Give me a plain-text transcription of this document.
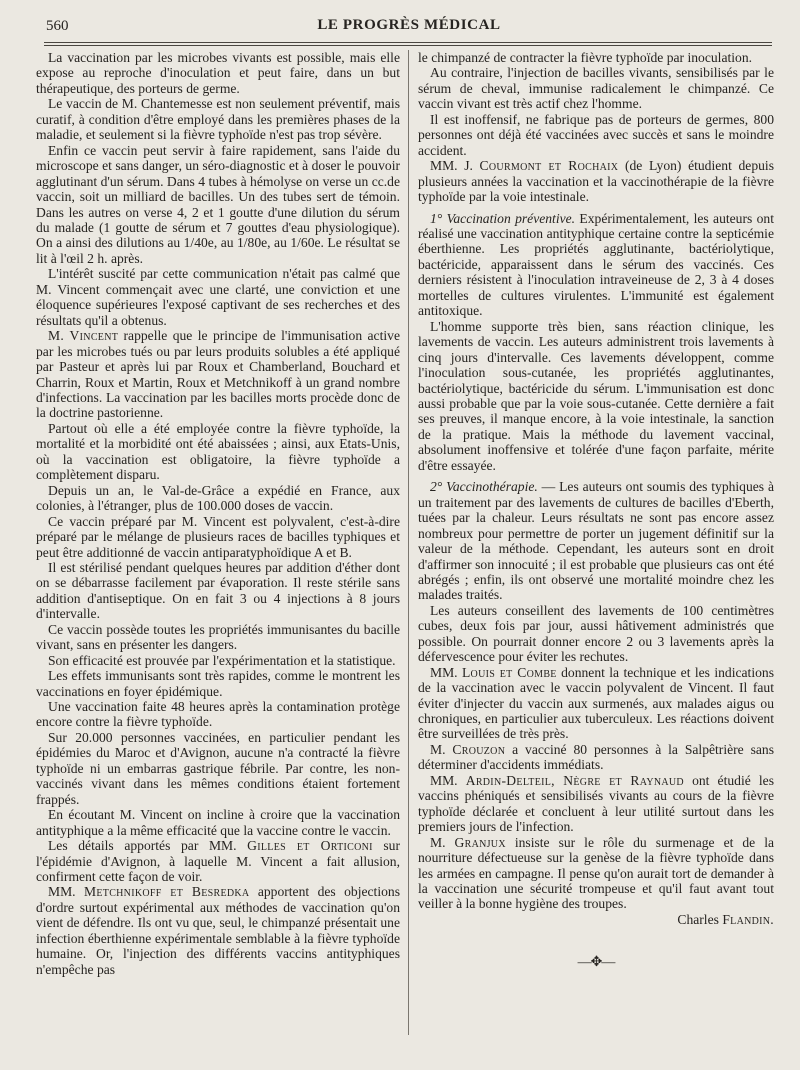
560	LE PROGRÈS MÉDICAL

La vaccination par les microbes vivants est possible, mais elle expose au reproche d'inoculation et peut faire, dans un but thérapeutique, des porteurs de germe.

Le vaccin de M. Chantemesse est non seulement préventif, mais curatif, à condition d'être employé dans les premières phases de la maladie, et seulement si la fièvre typhoïde n'est pas trop sévère.

Enfin ce vaccin peut servir à faire rapidement, sans l'aide du microscope et sans danger, un séro-diagnostic et à doser le pouvoir agglutinant d'un sérum. Dans 4 tubes à hémolyse on verse un cc.de vaccin, soit un milliard de bacilles. Un des tubes sert de témoin. Dans les autres on verse 4, 2 et 1 goutte d'une dilution du sérum du malade (1 goutte de sérum et 7 gouttes d'eau physiologique). On a ainsi des dilutions au 1/40e, au 1/80e, au 1/60e. Le résultat se lit à l'œil 2 h. après.

L'intérêt suscité par cette communication n'était pas calmé que M. Vincent commençait avec une clarté, une conviction et une éloquence supérieures l'exposé captivant de ses recherches et des résultats qu'il a obtenus.

M. Vincent rappelle que le principe de l'immunisation active par les microbes tués ou par leurs produits solubles a été appliqué par Pasteur et après lui par Roux et Chamberland, Bouchard et Charrin, Roux et Martin, Roux et Metchnikoff à un grand nombre d'infections. La vaccination par les bacilles morts procède donc de la doctrine pastorienne.

Partout où elle a été employée contre la fièvre typhoïde, la mortalité et la morbidité ont été abaissées ; ainsi, aux Etats-Unis, où la vaccination est obligatoire, la fièvre typhoïde a complètement disparu.

Depuis un an, le Val-de-Grâce a expédié en France, aux colonies, à l'étranger, plus de 100.000 doses de vaccin.

Ce vaccin préparé par M. Vincent est polyvalent, c'est-à-dire préparé par le mélange de plusieurs races de bacilles typhiques et peut être additionné de vaccin antiparatyphoïdique A et B.

Il est stérilisé pendant quelques heures par addition d'éther dont on se débarrasse facilement par évaporation. Il reste stérile sans addition d'antiseptique. On en fait 3 ou 4 injections à 8 jours d'intervalle.

Ce vaccin possède toutes les propriétés immunisantes du bacille vivant, sans en présenter les dangers.

Son efficacité est prouvée par l'expérimentation et la statistique.

Les effets immunisants sont très rapides, comme le montrent les vaccinations en foyer épidémique.

Une vaccination faite 48 heures après la contamination protège encore contre la fièvre typhoïde.

Sur 20.000 personnes vaccinées, en particulier pendant les épidémies du Maroc et d'Avignon, aucune n'a contracté la fièvre typhoïde ni un embarras gastrique fébrile. Par contre, les non-vaccinés vivant dans les mêmes conditions étaient fortement frappés.

En écoutant M. Vincent on incline à croire que la vaccination antityphique a la même efficacité que la vaccine contre le vaccin.

Les détails apportés par MM. Gilles et Orticoni sur l'épidémie d'Avignon, à laquelle M. Vincent a fait allusion, confirment cette façon de voir.

MM. Metchnikoff et Besredka apportent des objections d'ordre surtout expérimental aux méthodes de vaccination qu'on vient de défendre. Ils ont vu que, seul, le chimpanzé présentait une infection éberthienne expérimentale semblable à la fièvre typhoïde humaine. Or, l'injection des différents vaccins antityphiques n'empêche pas

le chimpanzé de contracter la fièvre typhoïde par inoculation.

Au contraire, l'injection de bacilles vivants, sensibilisés par le sérum de cheval, immunise radicalement le chimpanzé. Ce vaccin vivant est très actif chez l'homme.

Il est inoffensif, ne fabrique pas de porteurs de germes, 800 personnes ont déjà été vaccinées avec succès et sans le moindre accident.

MM. J. Courmont et Rochaix (de Lyon) étudient depuis plusieurs années la vaccination et la vaccinothérapie de la fièvre typhoïde par la voie intestinale.

1° Vaccination préventive. Expérimentalement, les auteurs ont réalisé une vaccination antityphique certaine contre la septicémie éberthienne. Les propriétés agglutinante, bactériolytique, bactéricide, apparaissent dans le sérum des vaccinés. Ces derniers résistent à l'inoculation intraveineuse de 2, 3 à 4 doses mortelles de cultures virulentes. L'immunité est également antitoxique.

L'homme supporte très bien, sans réaction clinique, les lavements de vaccin. Les auteurs administrent trois lavements à cinq jours d'intervalle. Ces lavements développent, comme l'inoculation sous-cutanée, les propriétés agglutinantes, bactériolytique, bactéricide du sérum. L'immunisation est donc aussi probable que par la voie sous-cutanée. Cette dernière a fait ses preuves, il manque encore, à la voie intestinale, la sanction de la pratique. Mais la méthode du lavement vaccinal, absolument inoffensive et tolérée d'une façon parfaite, mérite d'être essayée.

2° Vaccinothérapie. — Les auteurs ont soumis des typhiques à un traitement par des lavements de cultures de bacilles d'Eberth, tuées par la chaleur. Leurs résultats ne sont pas encore assez nombreux pour permettre de porter un jugement définitif sur la valeur de la méthode. Cependant, les auteurs sont en droit d'affirmer son innocuité ; il est probable que plusieurs cas ont été abrégés ; enfin, ils ont observé une mortalité moindre chez les malades traités.

Les auteurs conseillent des lavements de 100 centimètres cubes, deux fois par jour, aussi hâtivement administrés que possible. On pourrait donner encore 2 ou 3 lavements après la défervescence pour éviter les rechutes.

MM. Louis et Combe donnent la technique et les indications de la vaccination avec le vaccin polyvalent de Vincent. Il faut éviter d'injecter du vaccin aux surmenés, aux malades aigus ou chroniques, en particulier aux tuberculeux. Les réactions doivent être surveillées de très près.

M. Crouzon a vacciné 80 personnes à la Salpêtrière sans déterminer d'accidents immédiats.

MM. Ardin-Delteil, Nègre et Raynaud ont étudié les vaccins phéniqués et sensibilisés vivants au cours de la fièvre typhoïde déclarée et concluent à leur utilité surtout dans les premiers jours de l'infection.

M. Granjux insiste sur le rôle du surmenage et de la nourriture défectueuse sur la genèse de la fièvre typhoïde dans les armées en campagne. Il pense qu'on aurait tort de demander à la vaccination une sécurité trompeuse et qu'il faut avant tout veiller à la bonne hygiène des troupes.

Charles Flandin.

—✥—
